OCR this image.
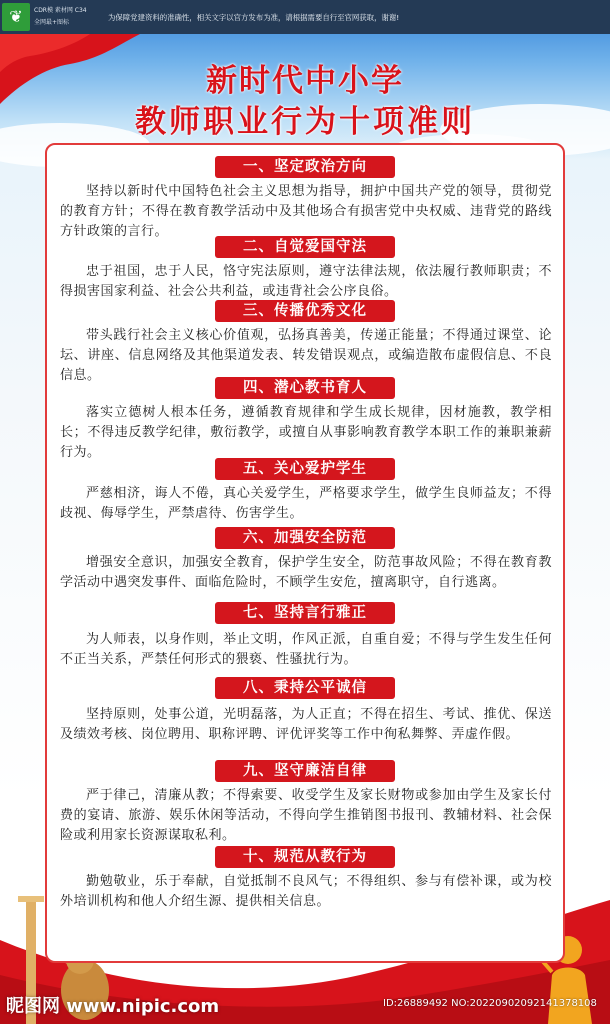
❦	CDR模 素材网 C34
全网最+图标
为保障党建资料的准确性，相关文字以官方发布为准，请根据需要自行至官网获取，谢谢!
新时代中小学
教师职业行为十项准则
一、坚定政治方向
坚持以新时代中国特色社会主义思想为指导，拥护中国共产党的领导，贯彻党的教育方针；不得在教育教学活动中及其他场合有损害党中央权威、违背党的路线方针政策的言行。
二、自觉爱国守法
忠于祖国，忠于人民，恪守宪法原则，遵守法律法规，依法履行教师职责；不得损害国家利益、社会公共利益，或违背社会公序良俗。
三、传播优秀文化
带头践行社会主义核心价值观，弘扬真善美，传递正能量；不得通过课堂、论坛、讲座、信息网络及其他渠道发表、转发错误观点，或编造散布虚假信息、不良信息。
四、潜心教书育人
落实立德树人根本任务，遵循教育规律和学生成长规律，因材施教，教学相长；不得违反教学纪律，敷衍教学，或擅自从事影响教育教学本职工作的兼职兼薪行为。
五、关心爱护学生
严慈相济，诲人不倦，真心关爱学生，严格要求学生，做学生良师益友；不得歧视、侮辱学生，严禁虐待、伤害学生。
六、加强安全防范
增强安全意识，加强安全教育，保护学生安全，防范事故风险；不得在教育教学活动中遇突发事件、面临危险时，不顾学生安危，擅离职守，自行逃离。
七、坚持言行雅正
为人师表，以身作则，举止文明，作风正派，自重自爱；不得与学生发生任何不正当关系，严禁任何形式的猥亵、性骚扰行为。
八、秉持公平诚信
坚持原则，处事公道，光明磊落，为人正直；不得在招生、考试、推优、保送及绩效考核、岗位聘用、职称评聘、评优评奖等工作中徇私舞弊、弄虚作假。
九、坚守廉洁自律
严于律己，清廉从教；不得索要、收受学生及家长财物或参加由学生及家长付费的宴请、旅游、娱乐休闲等活动，不得向学生推销图书报刊、教辅材料、社会保险或利用家长资源谋取私利。
十、规范从教行为
勤勉敬业，乐于奉献，自觉抵制不良风气；不得组织、参与有偿补课，或为校外培训机构和他人介绍生源、提供相关信息。
昵图网 www.nipic.com	ID:26889492 NO:20220902092141378108
